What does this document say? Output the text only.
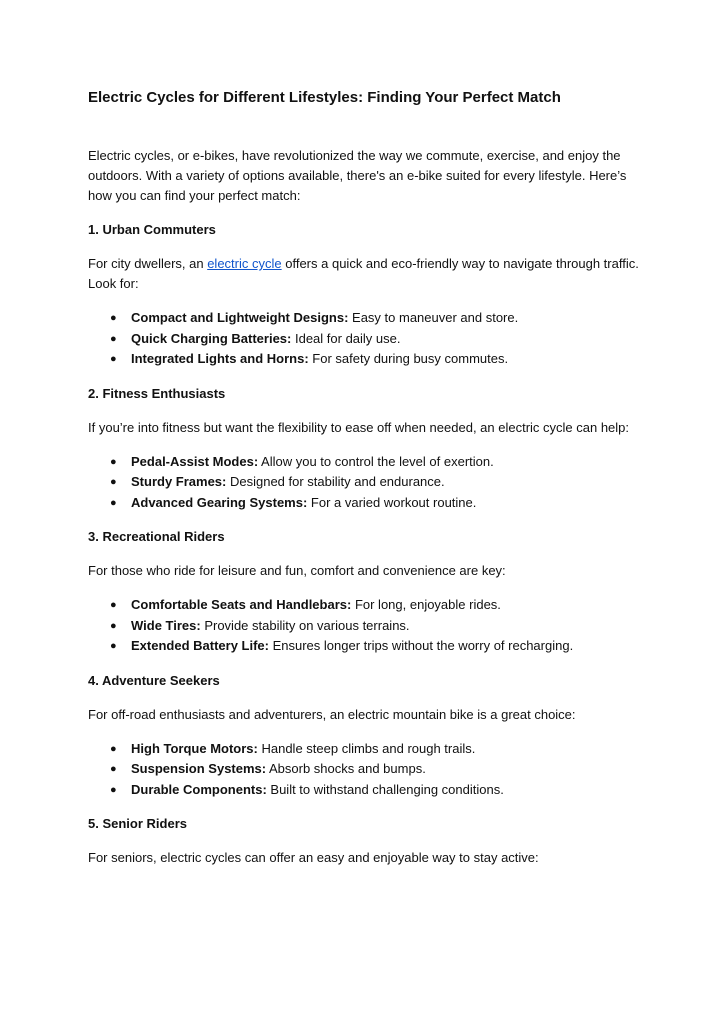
Electric Cycles for Different Lifestyles: Finding Your Perfect Match

Electric cycles, or e-bikes, have revolutionized the way we commute, exercise, and enjoy the outdoors. With a variety of options available, there's an e-bike suited for every lifestyle. Here’s how you can find your perfect match:

1. Urban Commuters

For city dwellers, an electric cycle offers a quick and eco-friendly way to navigate through traffic. Look for:

● Compact and Lightweight Designs: Easy to maneuver and store.
● Quick Charging Batteries: Ideal for daily use.
● Integrated Lights and Horns: For safety during busy commutes.
2. Fitness Enthusiasts

If you’re into fitness but want the flexibility to ease off when needed, an electric cycle can help:

● Pedal-Assist Modes: Allow you to control the level of exertion.
● Sturdy Frames: Designed for stability and endurance.
● Advanced Gearing Systems: For a varied workout routine.
3. Recreational Riders

For those who ride for leisure and fun, comfort and convenience are key:

● Comfortable Seats and Handlebars: For long, enjoyable rides.
● Wide Tires: Provide stability on various terrains.
● Extended Battery Life: Ensures longer trips without the worry of recharging.
4. Adventure Seekers

For off-road enthusiasts and adventurers, an electric mountain bike is a great choice:

● High Torque Motors: Handle steep climbs and rough trails.
● Suspension Systems: Absorb shocks and bumps.
● Durable Components: Built to withstand challenging conditions.
5. Senior Riders

For seniors, electric cycles can offer an easy and enjoyable way to stay active:
